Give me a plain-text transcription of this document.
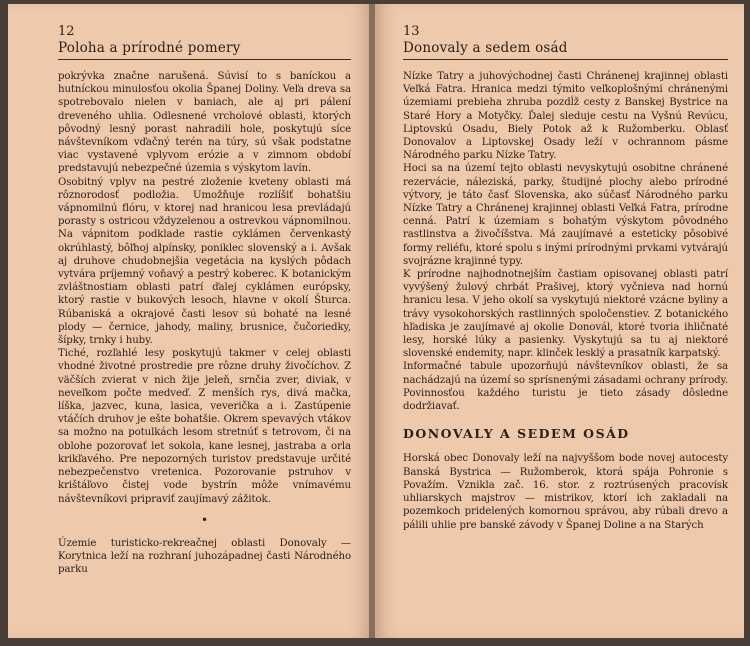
12

Poloha a prírodné pomery

pokrývka značne narušená. Súvisí to s baníckou a hutníckou minulosťou okolia Španej Doliny. Veľa dreva sa spotrebovalo nielen v baniach, ale aj pri pálení dreveného uhlia. Odlesnené vrcholové oblasti, ktorých pôvodný lesný porast nahradili hole, poskytujú síce návštevníkom vďačný terén na túry, sú však podstatne viac vystavené vplyvom erózie a v zimnom období predstavujú nebezpečné územia s výskytom lavín.

Osobitný vplyv na pestré zloženie kveteny oblasti má rôznorodosť podložia. Umožňuje rozlíšiť bohatšiu vápnomilnú flóru, v ktorej nad hranicou lesa prevládajú porasty s ostricou vždyzelenou a ostrevkou vápnomilnou. Na vápnitom podklade rastie cyklámen červenkastý okrúhlastý, bôľhoj alpínsky, poniklec slovenský a i. Avšak aj druhove chudobnejšia vegetácia na kyslých pôdach vytvára príjemný voňavý a pestrý koberec. K botanickým zvláštnostiam oblasti patrí ďalej cyklámen európsky, ktorý rastie v bukových lesoch, hlavne v okolí Šturca. Rúbaniská a okrajové časti lesov sú bohaté na lesné plody — černice, jahody, maliny, brusnice, čučoriedky, šípky, trnky i huby.

Tiché, rozľahlé lesy poskytujú takmer v celej oblasti vhodné životné prostredie pre rôzne druhy živočíchov. Z väčších zvierat v nich žije jeleň, srnčia zver, diviak, v neveľkom počte medveď. Z menších rys, divá mačka, líška, jazvec, kuna, lasica, veverička a i. Zastúpenie vtáčích druhov je ešte bohatšie. Okrem spevavých vtákov sa možno na potulkách lesom stretnúť s tetrovom, či na oblohe pozorovať let sokola, kane lesnej, jastraba a orla krikľavého. Pre nepozorných turistov predstavuje určité nebezpečenstvo vretenica. Pozorovanie pstruhov v krištáľovo čistej vode bystrín môže vnímavému návštevníkovi pripraviť zaujímavý zážitok.

•

Územie turisticko-rekreačnej oblasti Donovaly — Korytnica leží na rozhraní juhozápadnej časti Národného parku

13

Donovaly a sedem osád

Nízke Tatry a juhovýchodnej časti Chránenej krajinnej oblasti Veľká Fatra. Hranica medzi týmito veľkoplošnými chránenými územiami prebieha zhruba pozdĺž cesty z Banskej Bystrice na Staré Hory a Motyčky. Ďalej sleduje cestu na Vyšnú Revúcu, Liptovskú Osadu, Biely Potok až k Ružomberku. Oblasť Donovalov a Liptovskej Osady leží v ochrannom pásme Národného parku Nízke Tatry.

Hoci sa na území tejto oblasti nevyskytujú osobitne chránené rezervácie, náleziská, parky, študijné plochy alebo prírodné výtvory, je táto časť Slovenska, ako súčasť Národného parku Nízke Tatry a Chránenej krajinnej oblasti Veľká Fatra, prírodne cenná. Patrí k územiam s bohatým výskytom pôvodného rastlinstva a živočíšstva. Má zaujímavé a esteticky pôsobivé formy reliéfu, ktoré spolu s inými prírodnými prvkami vytvárajú svojrázne krajinné typy.

K prírodne najhodnotnejším častiam opisovanej oblasti patrí vyvýšený žulový chrbát Prašivej, ktorý vyčnieva nad hornú hranicu lesa. V jeho okolí sa vyskytujú niektoré vzácne byliny a trávy vysokohorských rastlinných spoločenstiev. Z botanického hľadiska je zaujímavé aj okolie Donovál, ktoré tvoria ihličnaté lesy, horské lúky a pasienky. Vyskytujú sa tu aj niektoré slovenské endemity, napr. klinček lesklý a prasatník karpatský.

Informačné tabule upozorňujú návštevníkov oblasti, že sa nachádzajú na území so sprísnenými zásadami ochrany prírody. Povinnosťou každého turistu je tieto zásady dôsledne dodržiavať.

DONOVALY A SEDEM OSÁD

Horská obec Donovaly leží na najvyššom bode novej autocesty Banská Bystrica — Ružomberok, ktorá spája Pohronie s Považím. Vznikla zač. 16. stor. z roztrúsených pracovísk uhliarskych majstrov — mistrikov, ktorí ich zakladali na pozemkoch pridelených komornou správou, aby rúbali drevo a pálili uhlie pre banské závody v Španej Doline a na Starých
